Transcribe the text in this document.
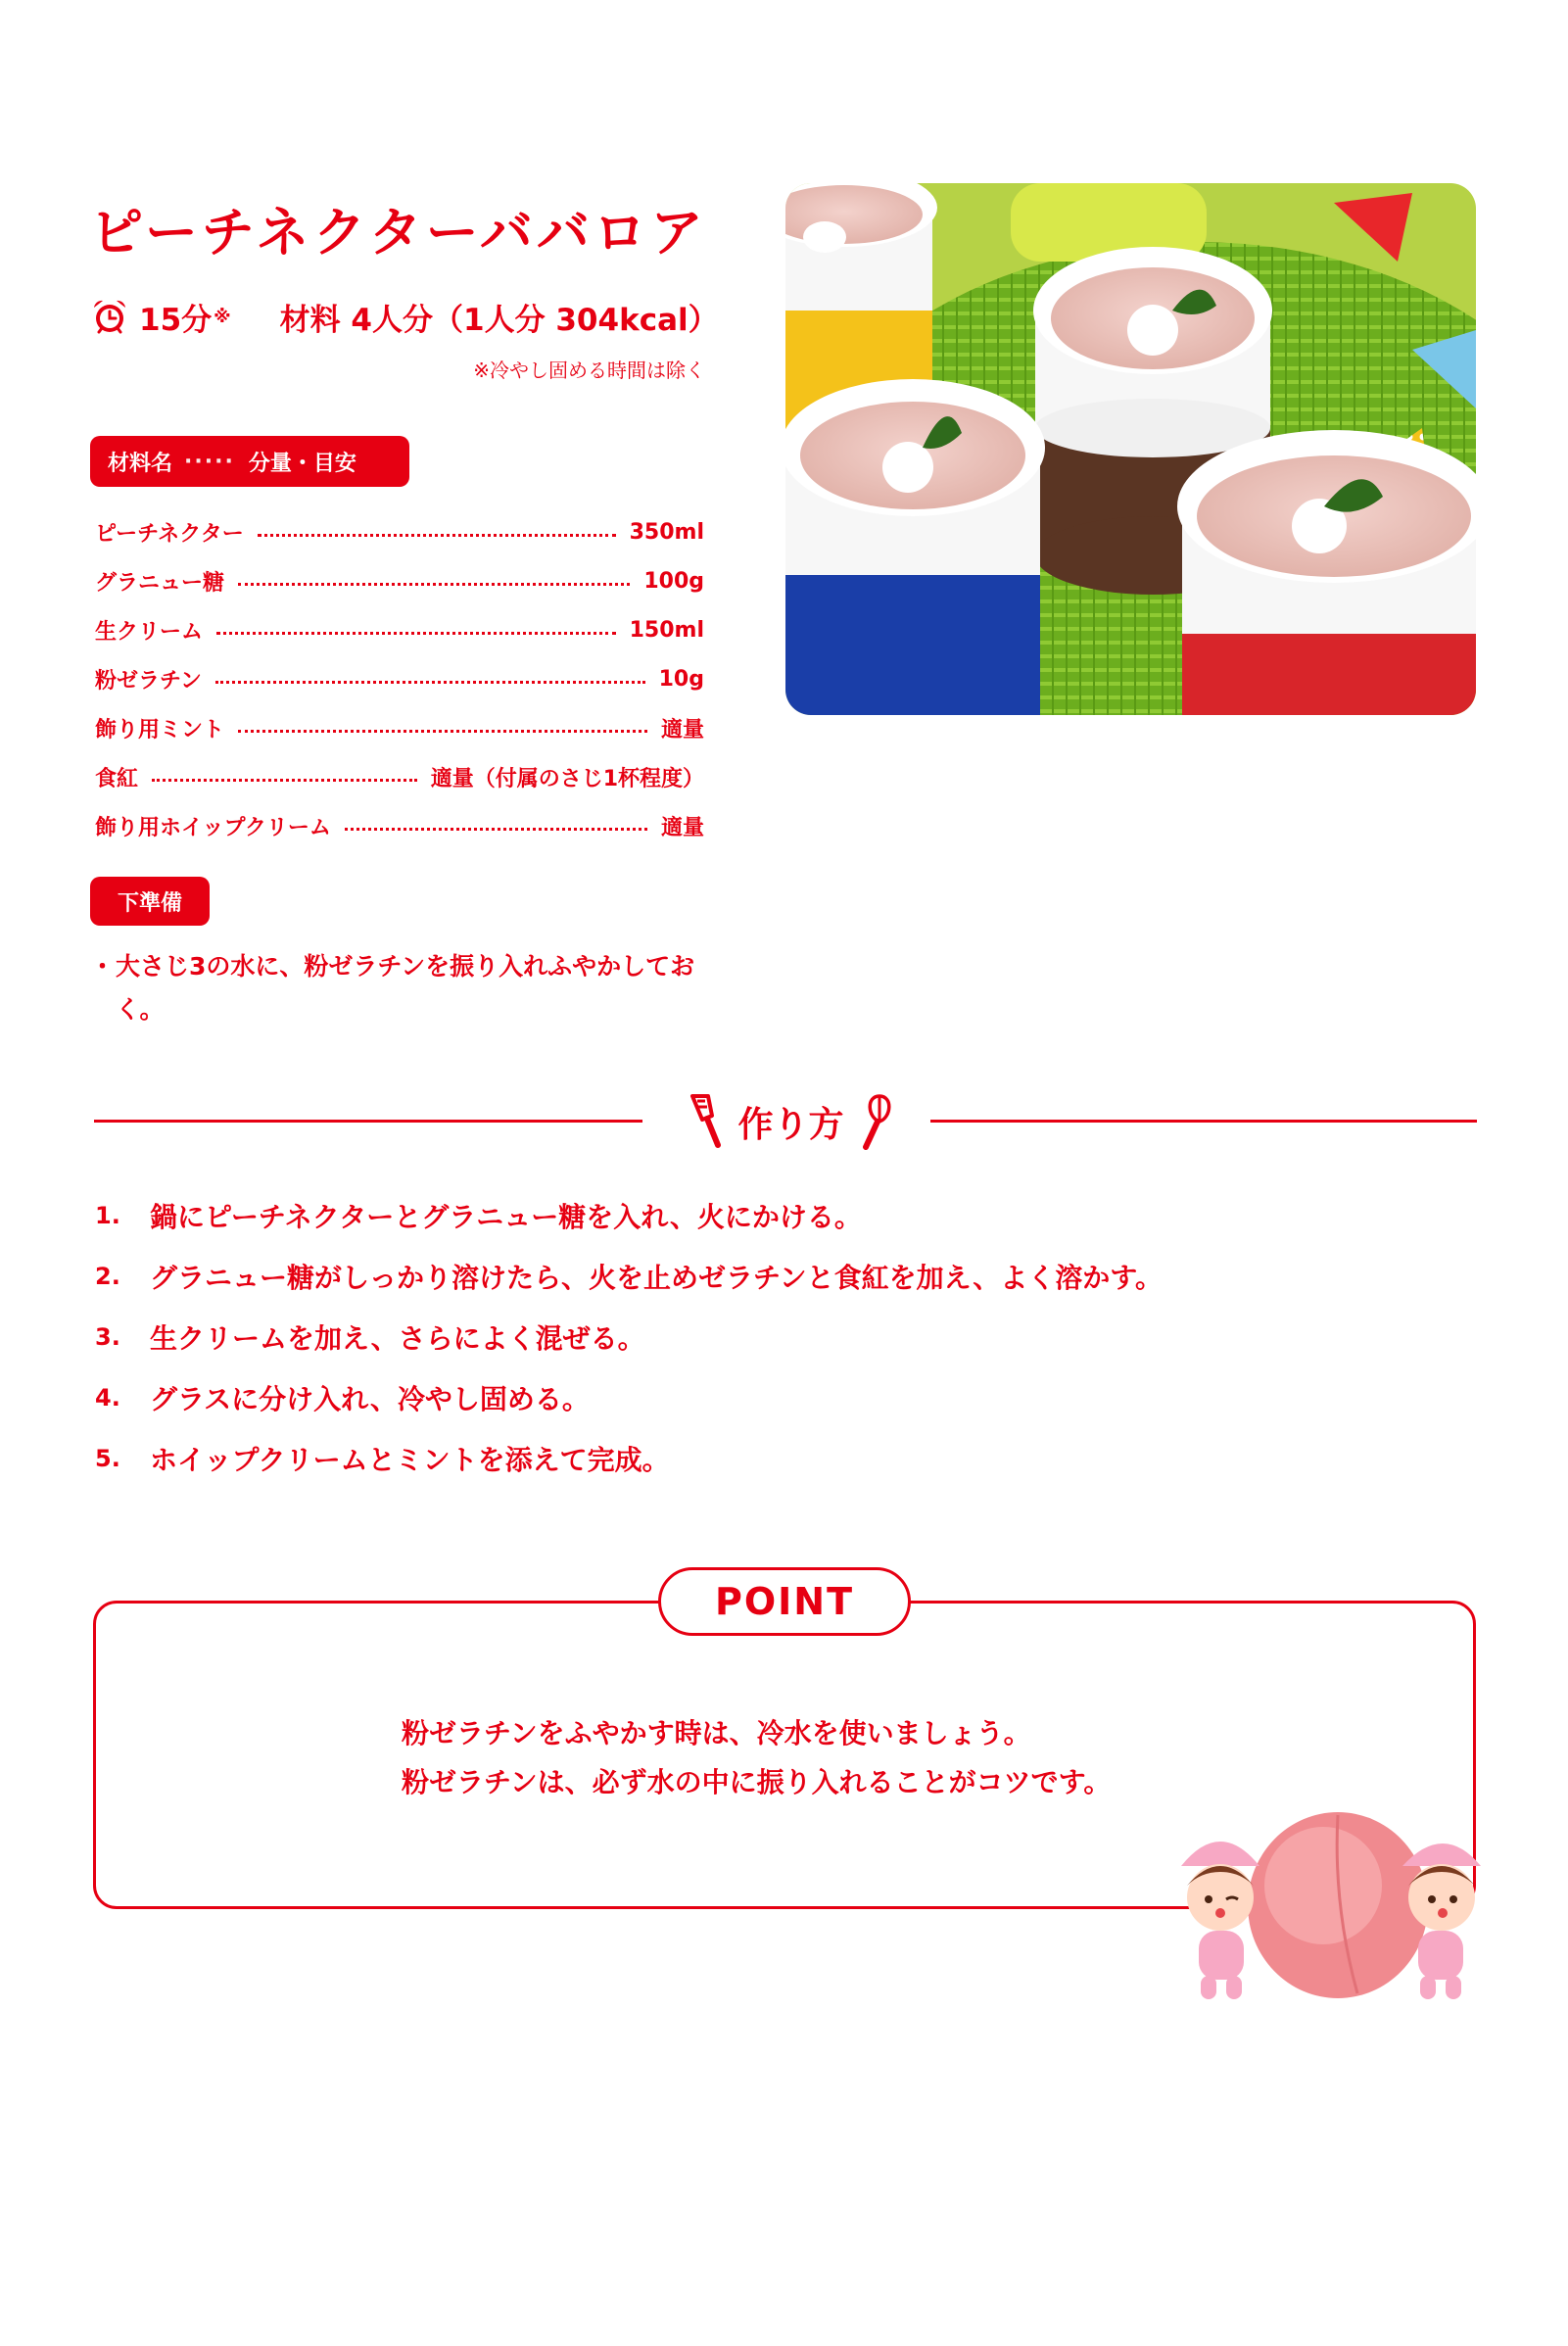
ピーチネクターババロア
15分 ※ 材料 4人分（1人分 304kcal）
※冷やし固める時間は除く
材料名 ····· 分量・目安
ピーチネクター	350ml
グラニュー糖	100g
生クリーム	150ml
粉ゼラチン	10g
飾り用ミント	適量
食紅	適量（付属のさじ1杯程度）
飾り用ホイップクリーム	適量
下準備
・ 大さじ3の水に、粉ゼラチンを振り入れふやかしておく。
作り方
1.	鍋にピーチネクターとグラニュー糖を入れ、火にかける。
2.	グラニュー糖がしっかり溶けたら、火を止めゼラチンと食紅を加え、よく溶かす。
3.	生クリームを加え、さらによく混ぜる。
4.	グラスに分け入れ、冷やし固める。
5.	ホイップクリームとミントを添えて完成。
POINT
粉ゼラチンをふやかす時は、冷水を使いましょう。
粉ゼラチンは、必ず水の中に振り入れることがコツです。
